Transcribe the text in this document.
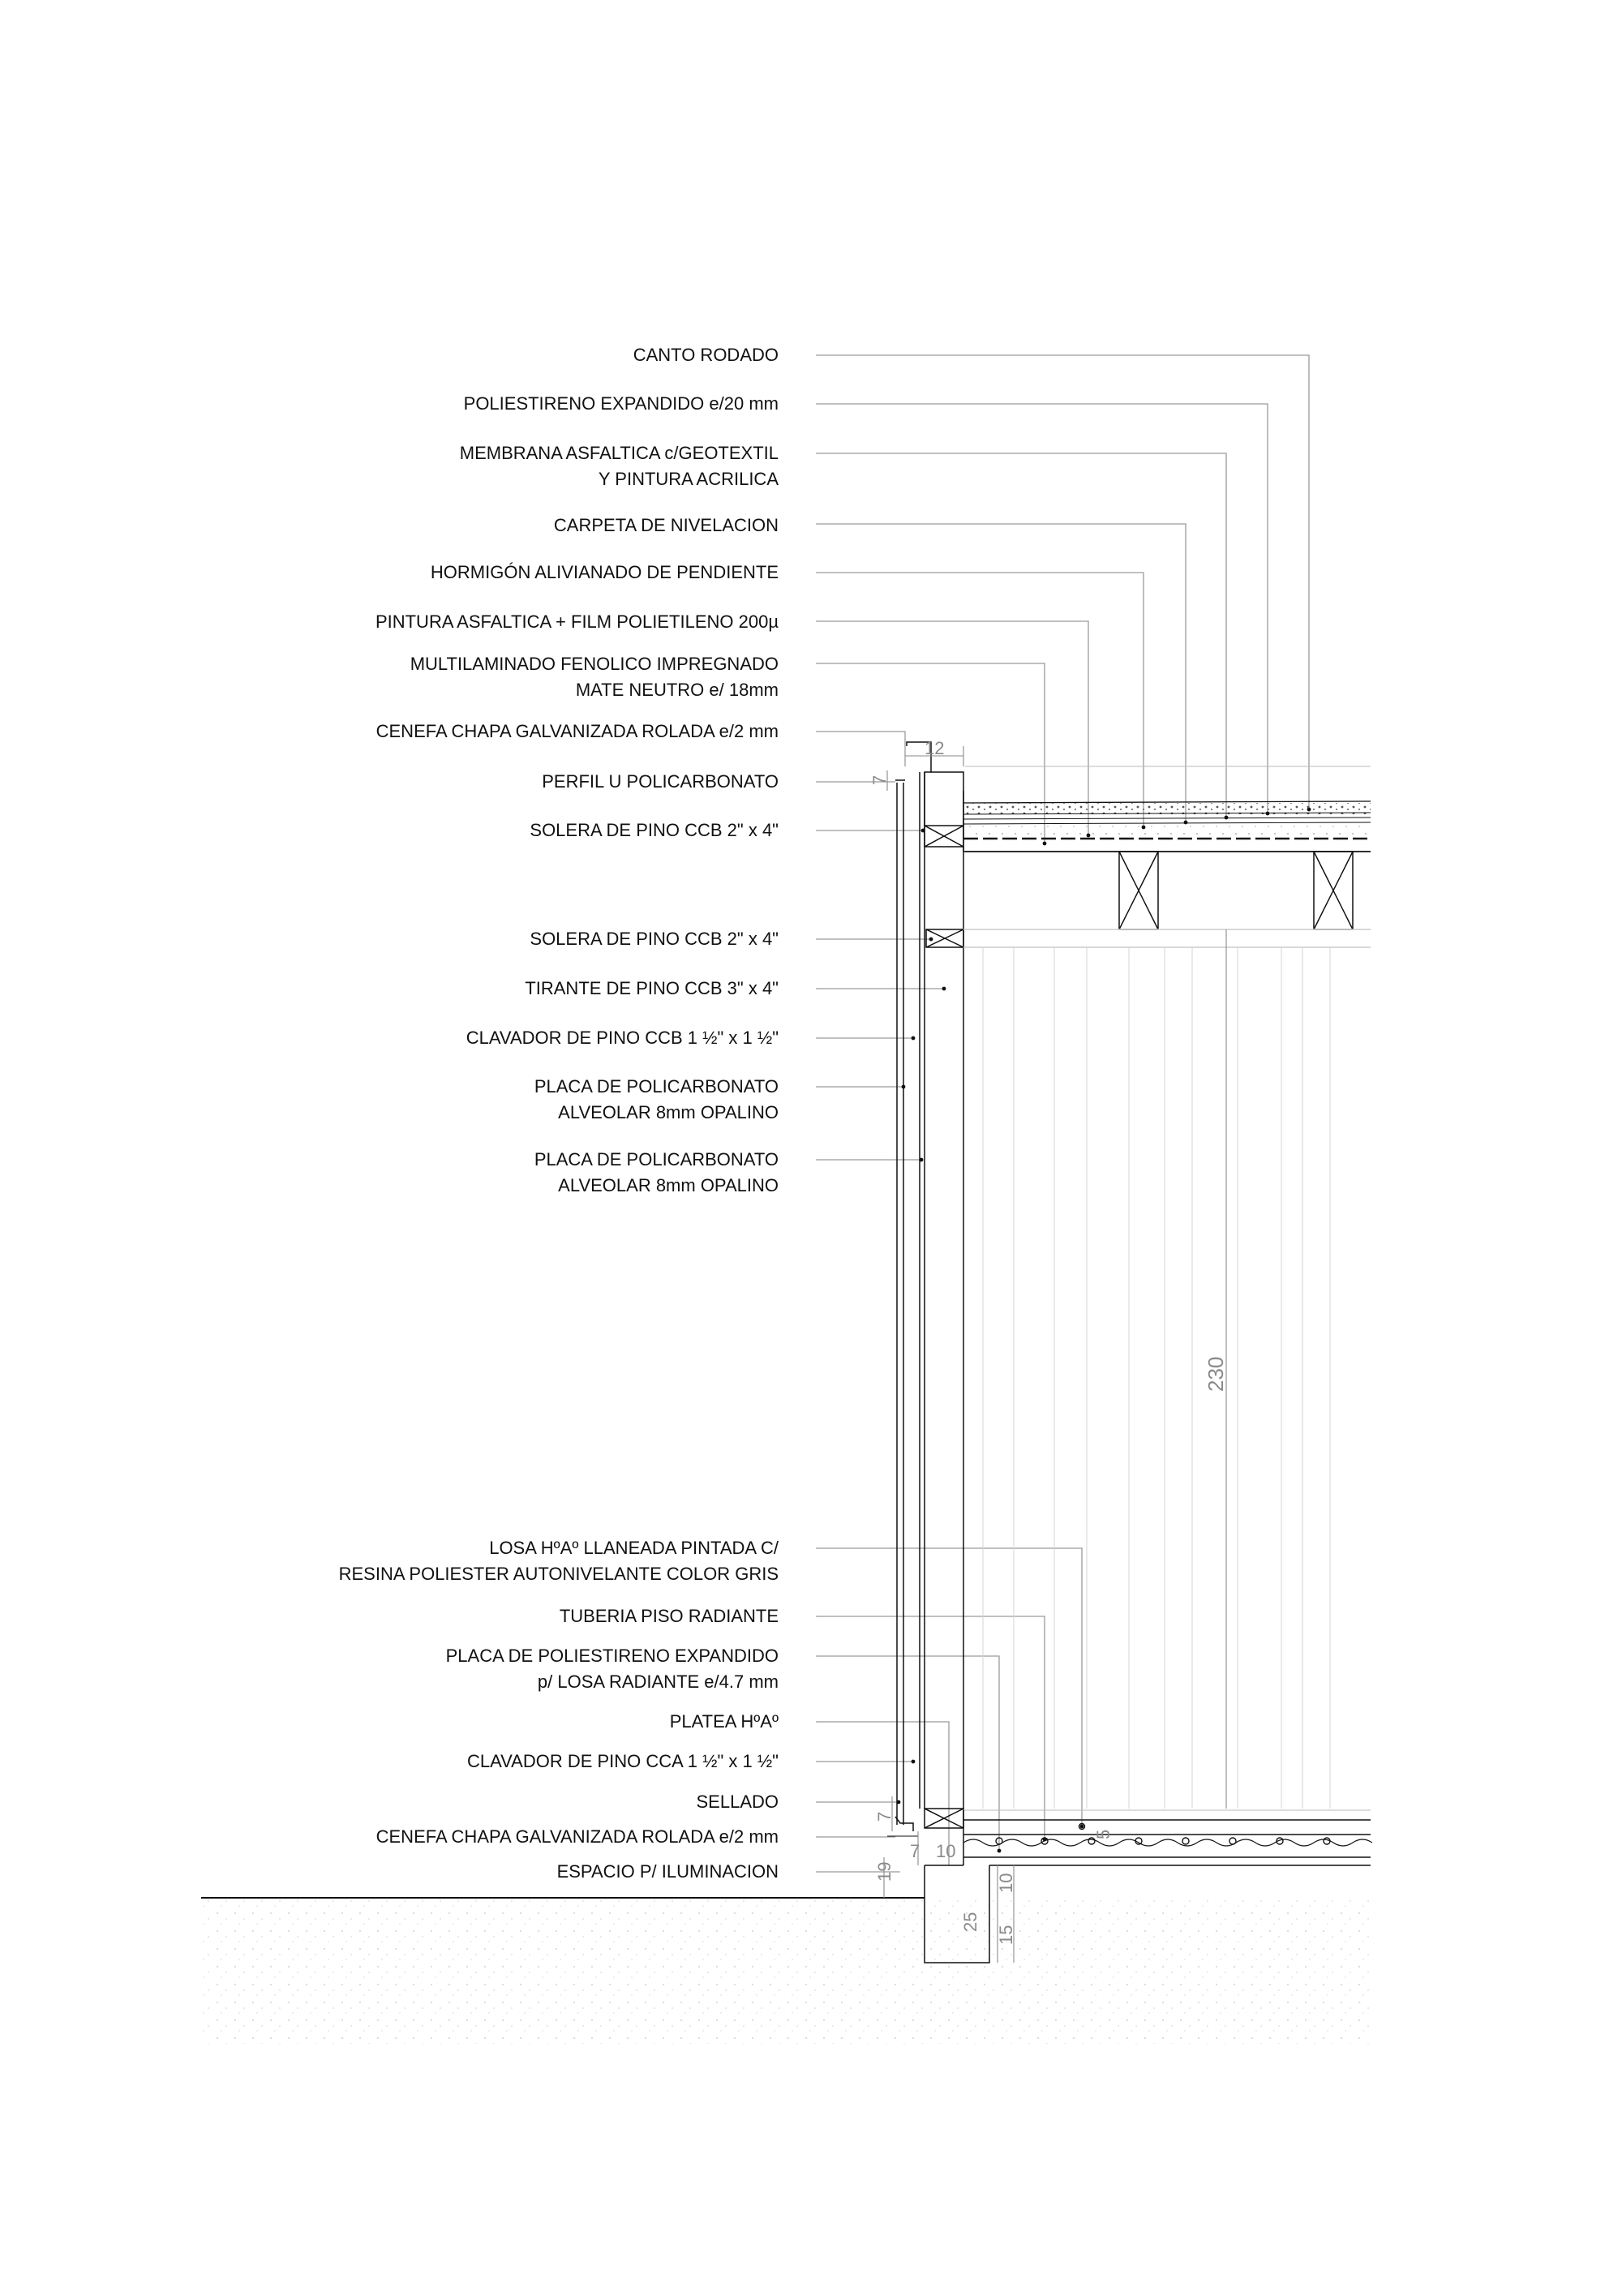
CANTO RODADO
POLIESTIRENO EXPANDIDO e/20 mm
MEMBRANA ASFALTICA c/GEOTEXTIL
Y PINTURA ACRILICA
CARPETA DE NIVELACION
HORMIGÓN ALIVIANADO DE PENDIENTE
PINTURA ASFALTICA + FILM POLIETILENO 200µ
MULTILAMINADO FENOLICO IMPREGNADO
MATE NEUTRO e/ 18mm
CENEFA CHAPA GALVANIZADA ROLADA e/2 mm
PERFIL U POLICARBONATO
SOLERA DE PINO CCB 2" x 4"
SOLERA DE PINO CCB 2" x 4"
TIRANTE DE PINO CCB 3" x 4"
CLAVADOR DE PINO CCB 1 ½" x 1 ½"
PLACA DE POLICARBONATO
ALVEOLAR 8mm OPALINO
PLACA DE POLICARBONATO
ALVEOLAR 8mm OPALINO
LOSA HºAº LLANEADA PINTADA C/
RESINA POLIESTER AUTONIVELANTE COLOR GRIS
TUBERIA PISO RADIANTE
PLACA DE POLIESTIRENO EXPANDIDO
p/ LOSA RADIANTE e/4.7 mm
PLATEA HºAº
CLAVADOR DE PINO CCA 1 ½" x 1 ½"
SELLADO
CENEFA CHAPA GALVANIZADA ROLADA e/2 mm
ESPACIO P/ ILUMINACION
12
7
230
7
7 10
19
25
10
15
5
